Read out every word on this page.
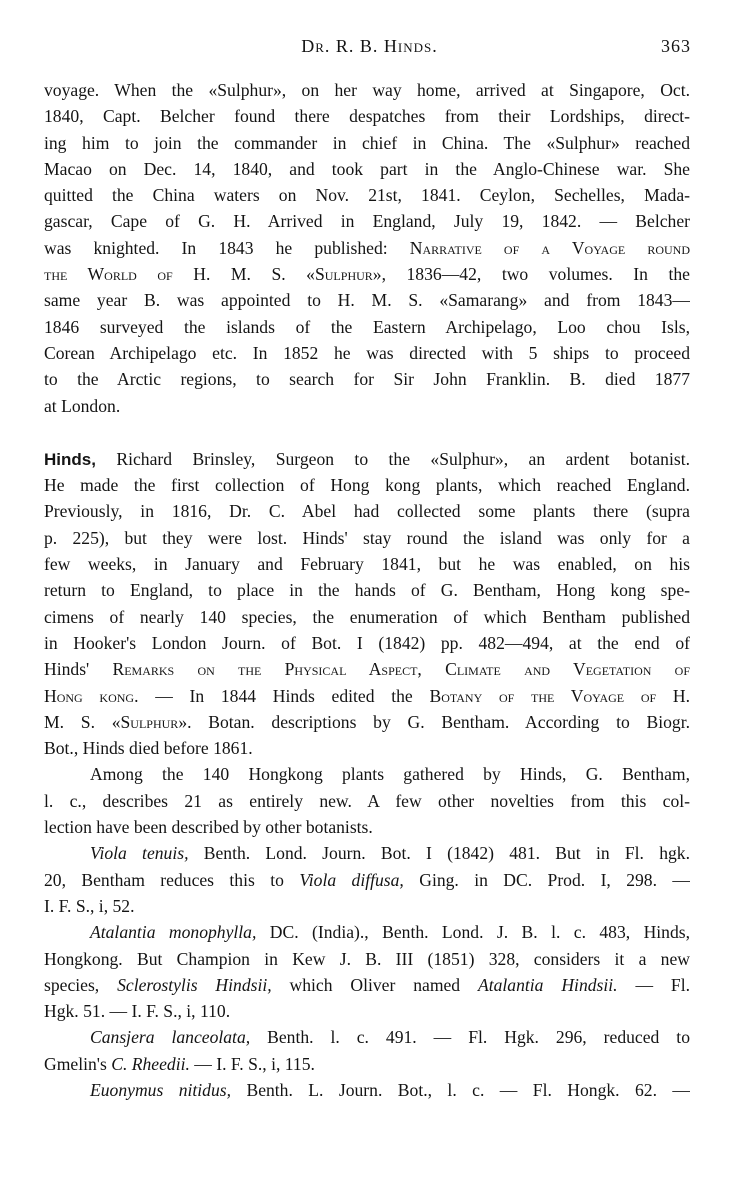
Dr. R. B. Hinds.	363
voyage. When the «Sulphur», on her way home, arrived at Singapore, Oct.
1840, Capt. Belcher found there despatches from their Lordships, direct-
ing him to join the commander in chief in China. The «Sulphur» reached
Macao on Dec. 14, 1840, and took part in the Anglo-Chinese war. She
quitted the China waters on Nov. 21st, 1841. Ceylon, Sechelles, Mada-
gascar, Cape of G. H. Arrived in England, July 19, 1842. — Belcher
was knighted. In 1843 he published: Narrative of a Voyage round
the World of H. M. S. «Sulphur», 1836—42, two volumes. In the
same year B. was appointed to H. M. S. «Samarang» and from 1843—
1846 surveyed the islands of the Eastern Archipelago, Loo chou Isls,
Corean Archipelago etc. In 1852 he was directed with 5 ships to proceed
to the Arctic regions, to search for Sir John Franklin. B. died 1877
at London.
Hinds, Richard Brinsley, Surgeon to the «Sulphur», an ardent botanist.
He made the first collection of Hong kong plants, which reached England.
Previously, in 1816, Dr. C. Abel had collected some plants there (supra
p. 225), but they were lost. Hinds' stay round the island was only for a
few weeks, in January and February 1841, but he was enabled, on his
return to England, to place in the hands of G. Bentham, Hong kong spe-
cimens of nearly 140 species, the enumeration of which Bentham published
in Hooker's London Journ. of Bot. I (1842) pp. 482—494, at the end of
Hinds' Remarks on the Physical Aspect, Climate and Vegetation of
Hong kong. — In 1844 Hinds edited the Botany of the Voyage of H.
M. S. «Sulphur». Botan. descriptions by G. Bentham. According to Biogr.
Bot., Hinds died before 1861.
Among the 140 Hongkong plants gathered by Hinds, G. Bentham,
l. c., describes 21 as entirely new. A few other novelties from this col-
lection have been described by other botanists.
Viola tenuis, Benth. Lond. Journ. Bot. I (1842) 481. But in Fl. hgk.
20, Bentham reduces this to Viola diffusa, Ging. in DC. Prod. I, 298. —
I. F. S., i, 52.
Atalantia monophylla, DC. (India)., Benth. Lond. J. B. l. c. 483, Hinds,
Hongkong. But Champion in Kew J. B. III (1851) 328, considers it a new
species, Sclerostylis Hindsii, which Oliver named Atalantia Hindsii. — Fl.
Hgk. 51. — I. F. S., i, 110.
Cansjera lanceolata, Benth. l. c. 491. — Fl. Hgk. 296, reduced to
Gmelin's C. Rheedii. — I. F. S., i, 115.
Euonymus nitidus, Benth. L. Journ. Bot., l. c. — Fl. Hongk. 62. —
